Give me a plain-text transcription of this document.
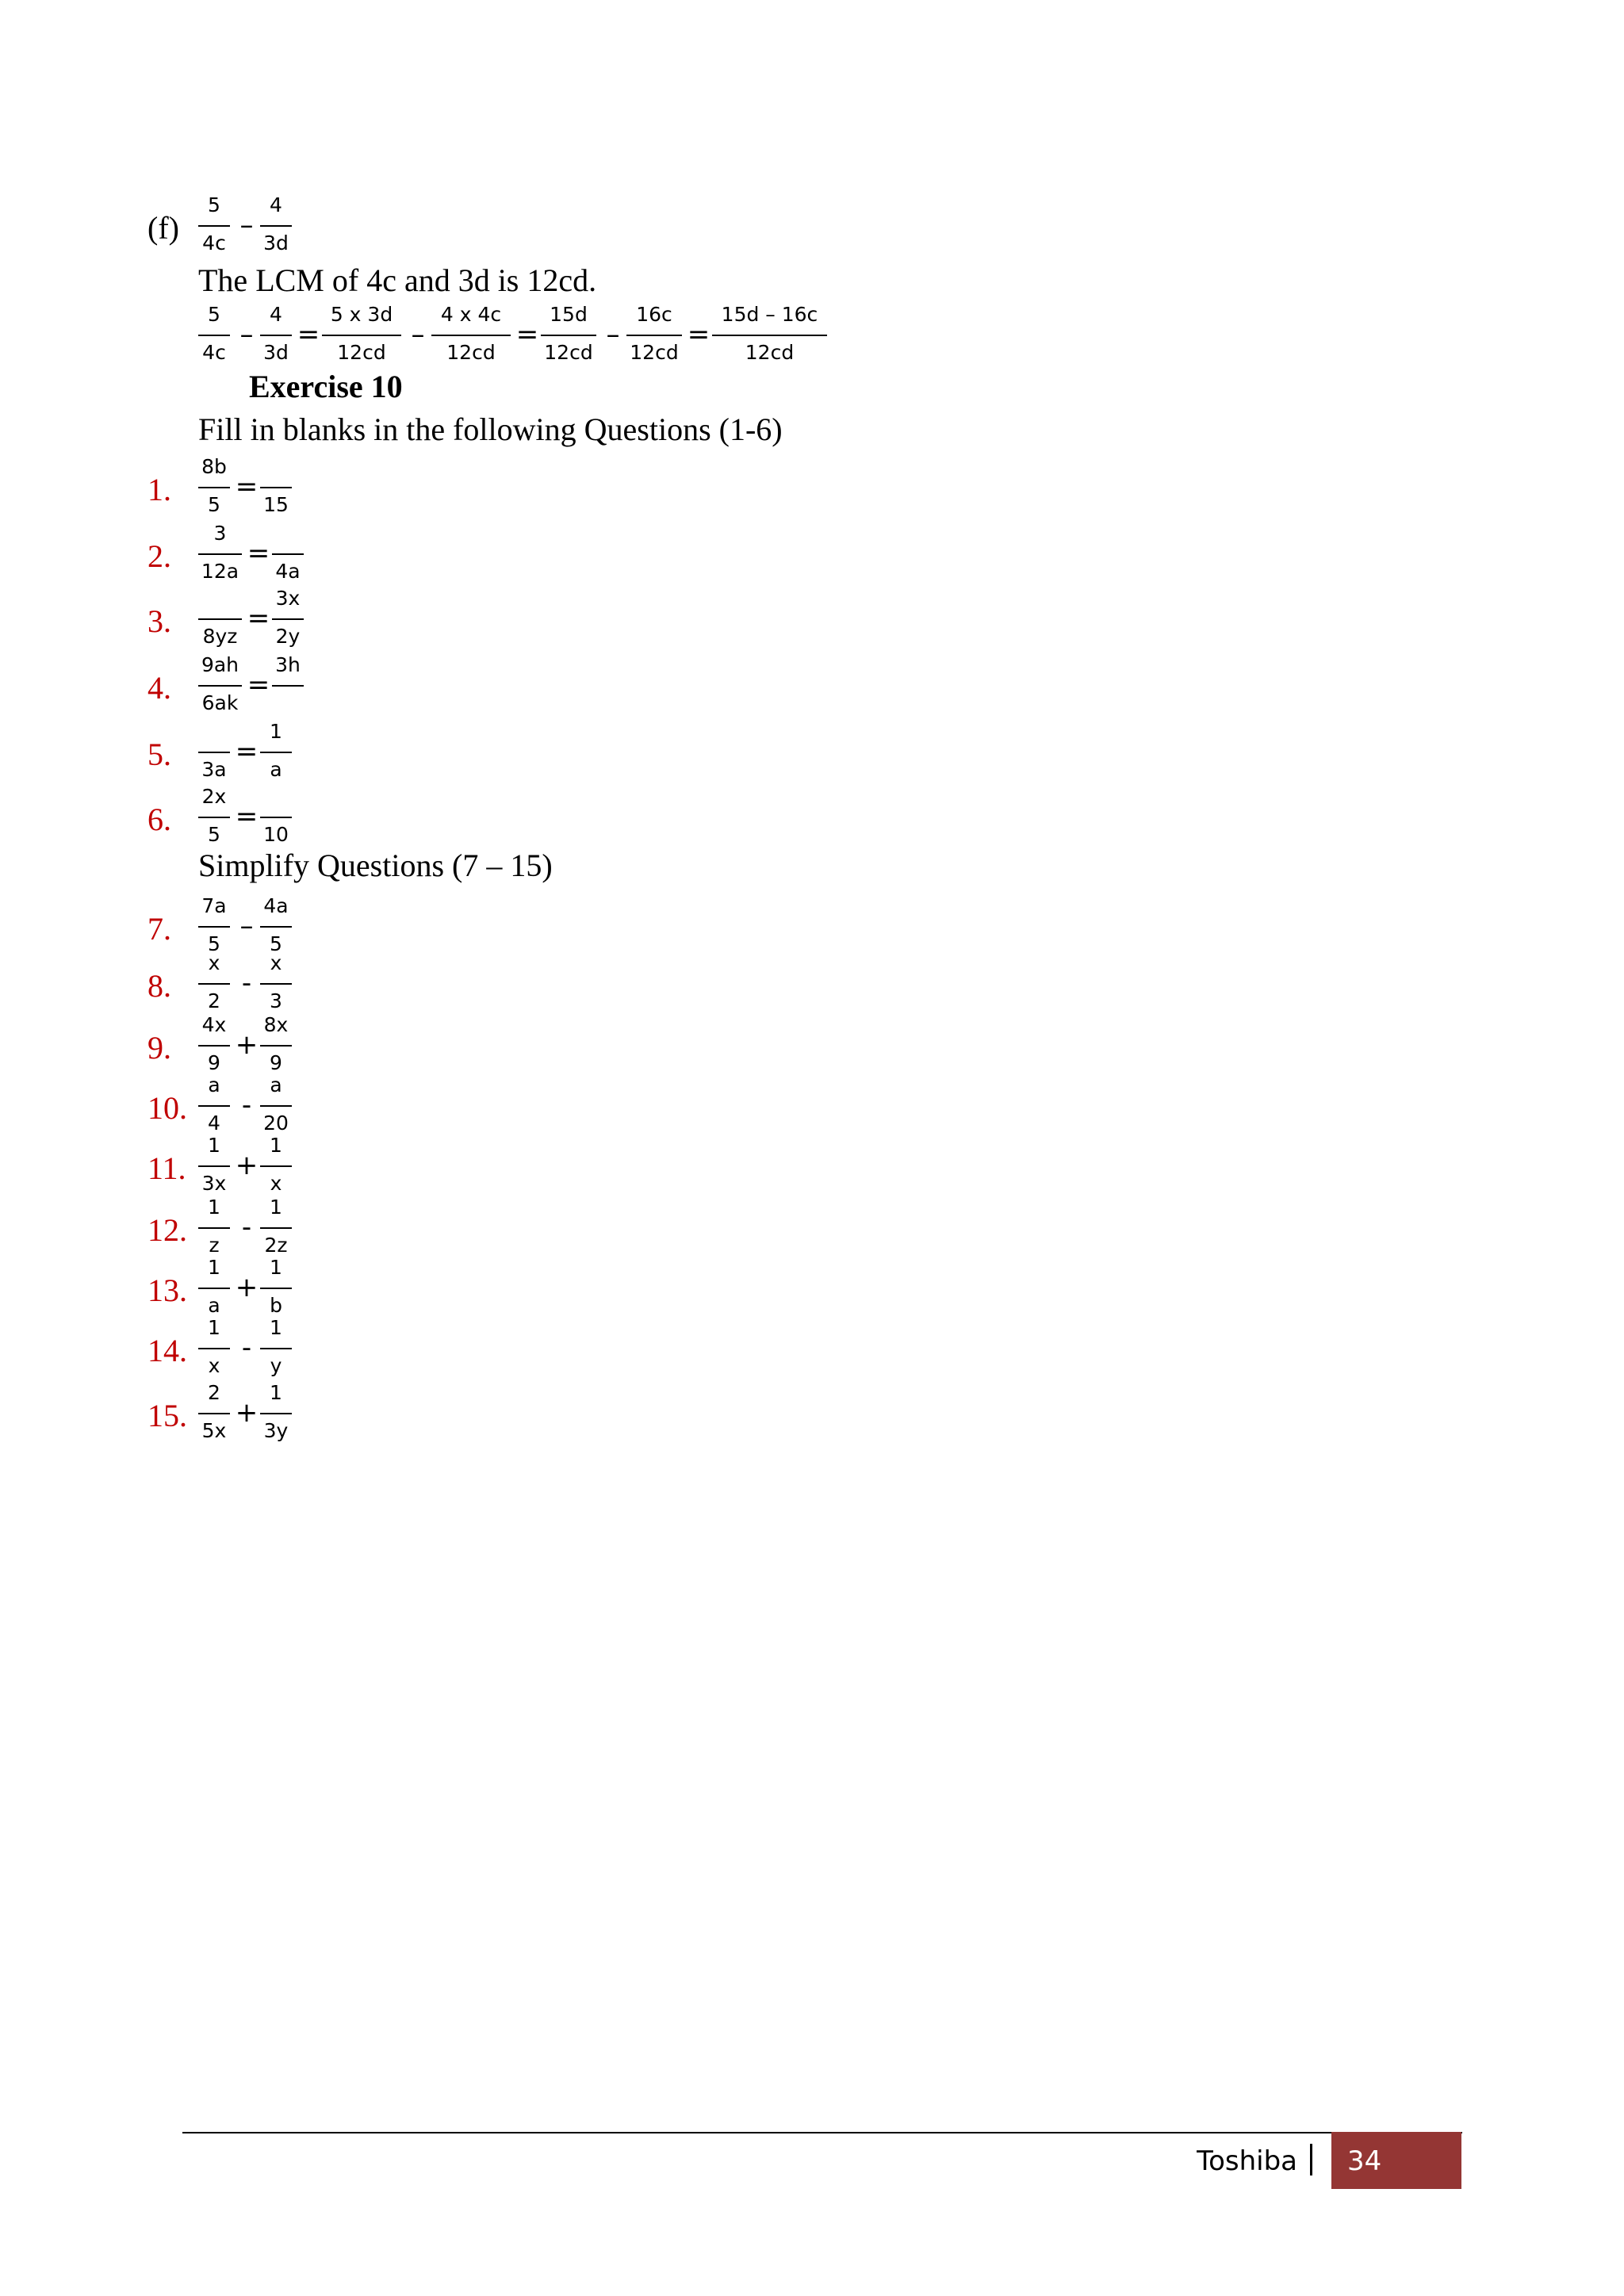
(f)
5
4c
–
4
3d
The LCM of 4c and 3d is 12cd.
5
4c
–
4
3d
=
5 x 3d
12cd
–
4 x 4c
12cd
=
15d
12cd
–
16c
12cd
=
15d – 16c
12cd
Exercise 10
Fill in blanks in the following Questions (1-6)
Simplify Questions (7 – 15)
1.
8b
5
=
15
2.
3
12a
=
4a
3. 8yz
=
3x
2y
4.
9ah
6ak
=
3h
5. 3a
=
1
a
6.
2x
5
=
10
7.
7a
5
–
4a
5
8.
x
2
-
x
3
9.
4x
9
+
8x
9
10.
a
4
-
a
20
11.
1
3x
+
1
x
12.
1
z
-
1
2z
13.
1
a
+
1
b
14.
1
x
-
1
y
15.
2
5x
+
1
3y
Toshiba 34
